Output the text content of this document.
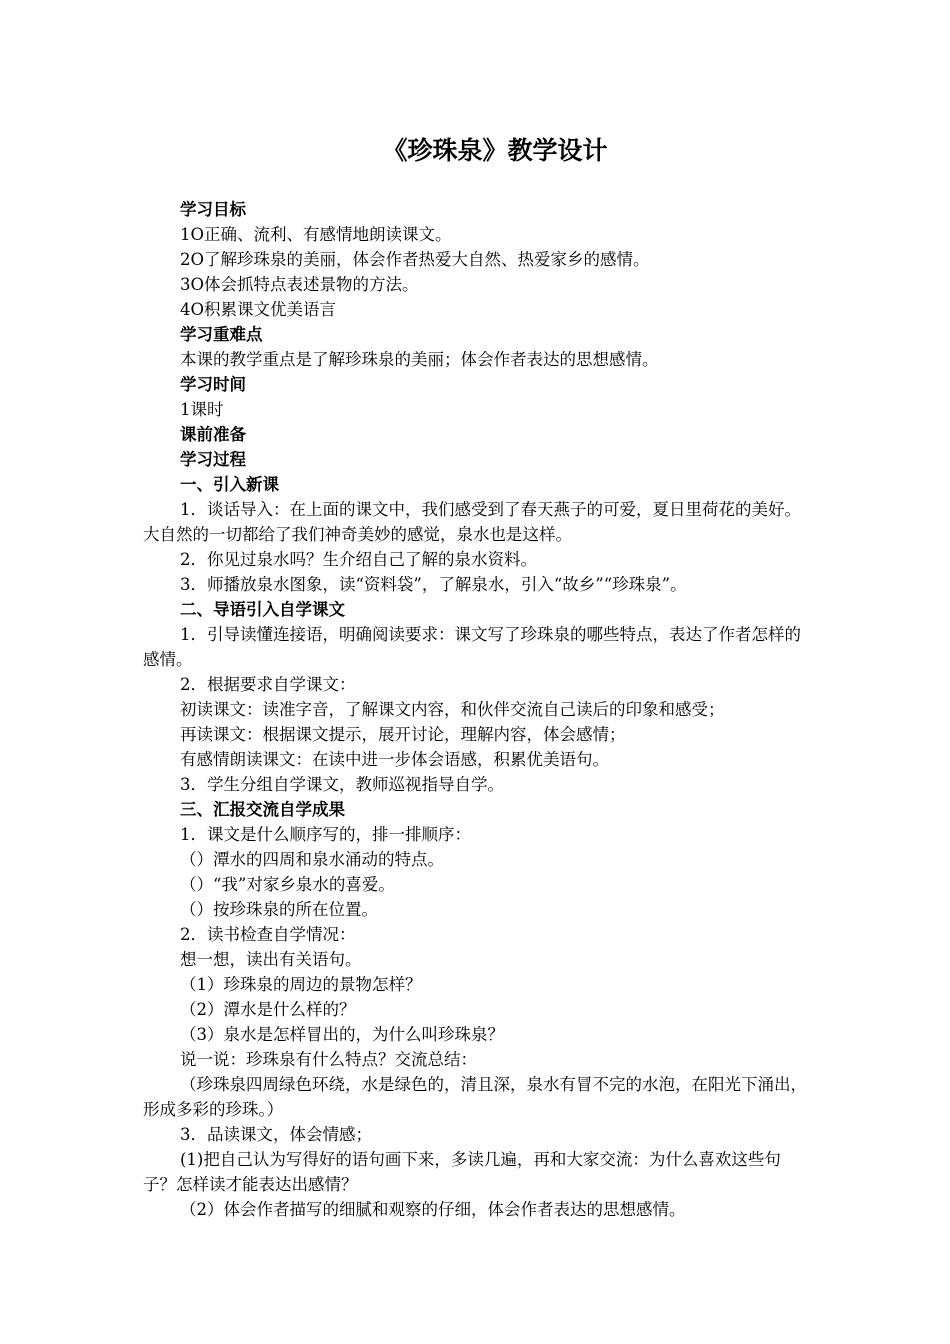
《珍珠泉》教学设计
学习目标
1O正确、流利、有感情地朗读课文。
2O了解珍珠泉的美丽，体会作者热爱大自然、热爱家乡的感情。
3O体会抓特点表述景物的方法。
4O积累课文优美语言
学习重难点
本课的教学重点是了解珍珠泉的美丽；体会作者表达的思想感情。
学习时间
1课时
课前准备
学习过程
一、引入新课
1．谈话导入：在上面的课文中，我们感受到了春天燕子的可爱，夏日里荷花的美好。大自然的一切都给了我们神奇美妙的感觉，泉水也是这样。
2．你见过泉水吗？生介绍自己了解的泉水资料。
3．师播放泉水图象，读“资料袋”，了解泉水，引入“故乡”“珍珠泉”。
二、导语引入自学课文
1．引导读懂连接语，明确阅读要求：课文写了珍珠泉的哪些特点，表达了作者怎样的感情。
2．根据要求自学课文：
初读课文：读准字音，了解课文内容，和伙伴交流自己读后的印象和感受；
再读课文：根据课文提示，展开讨论，理解内容，体会感情；
有感情朗读课文：在读中进一步体会语感，积累优美语句。
3．学生分组自学课文，教师巡视指导自学。
三、汇报交流自学成果
1．课文是什么顺序写的，排一排顺序：
（）潭水的四周和泉水涌动的特点。
（）“我”对家乡泉水的喜爱。
（）按珍珠泉的所在位置。
2．读书检查自学情况：
想一想，读出有关语句。
（1）珍珠泉的周边的景物怎样？
（2）潭水是什么样的？
（3）泉水是怎样冒出的，为什么叫珍珠泉？
说一说：珍珠泉有什么特点？交流总结：
（珍珠泉四周绿色环绕，水是绿色的，清且深，泉水有冒不完的水泡，在阳光下涌出，形成多彩的珍珠。）
3．品读课文，体会情感；
(1)把自己认为写得好的语句画下来，多读几遍，再和大家交流：为什么喜欢这些句子？怎样读才能表达出感情？
（2）体会作者描写的细腻和观察的仔细，体会作者表达的思想感情。
